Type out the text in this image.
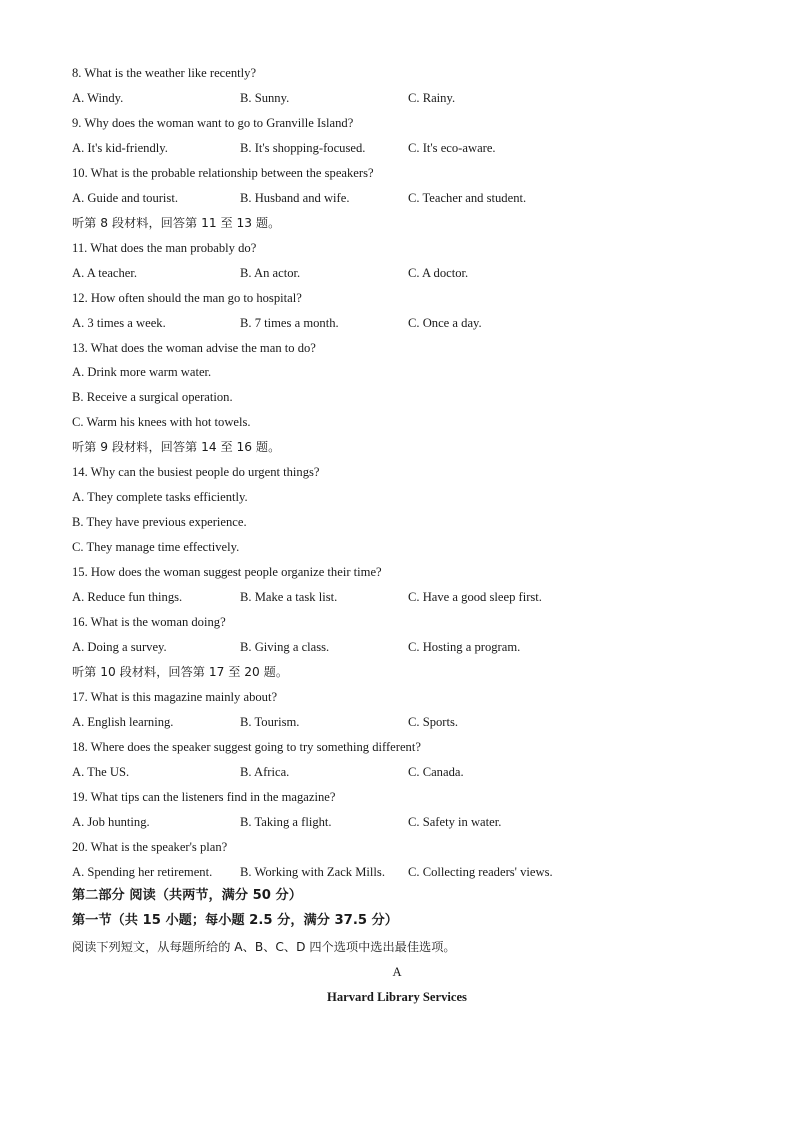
8. What is the weather like recently?
A. Windy.	B. Sunny.	C. Rainy.
9. Why does the woman want to go to Granville Island?
A. It's kid-friendly.	B. It's shopping-focused.	C. It's eco-aware.
10. What is the probable relationship between the speakers?
A. Guide and tourist.	B. Husband and wife.	C. Teacher and student.
听第 8 段材料，回答第 11 至 13 题。
11. What does the man probably do?
A. A teacher.	B. An actor.	C. A doctor.
12. How often should the man go to hospital?
A. 3 times a week.	B. 7 times a month.	C. Once a day.
13. What does the woman advise the man to do?
A. Drink more warm water.
B. Receive a surgical operation.
C. Warm his knees with hot towels.
听第 9 段材料，回答第 14 至 16 题。
14. Why can the busiest people do urgent things?
A. They complete tasks efficiently.
B. They have previous experience.
C. They manage time effectively.
15. How does the woman suggest people organize their time?
A. Reduce fun things.	B. Make a task list.	C. Have a good sleep first.
16. What is the woman doing?
A. Doing a survey.	B. Giving a class.	C. Hosting a program.
听第 10 段材料，回答第 17 至 20 题。
17. What is this magazine mainly about?
A. English learning.	B. Tourism.	C. Sports.
18. Where does the speaker suggest going to try something different?
A. The US.	B. Africa.	C. Canada.
19. What tips can the listeners find in the magazine?
A. Job hunting.	B. Taking a flight.	C. Safety in water.
20. What is the speaker's plan?
A. Spending her retirement. B. Working with Zack Mills. C. Collecting readers' views.
第二部分 阅读（共两节，满分 50 分）
第一节（共 15 小题；每小题 2.5 分，满分 37.5 分）
阅读下列短文，从每题所给的 A、B、C、D 四个选项中选出最佳选项。
A
Harvard Library Services
